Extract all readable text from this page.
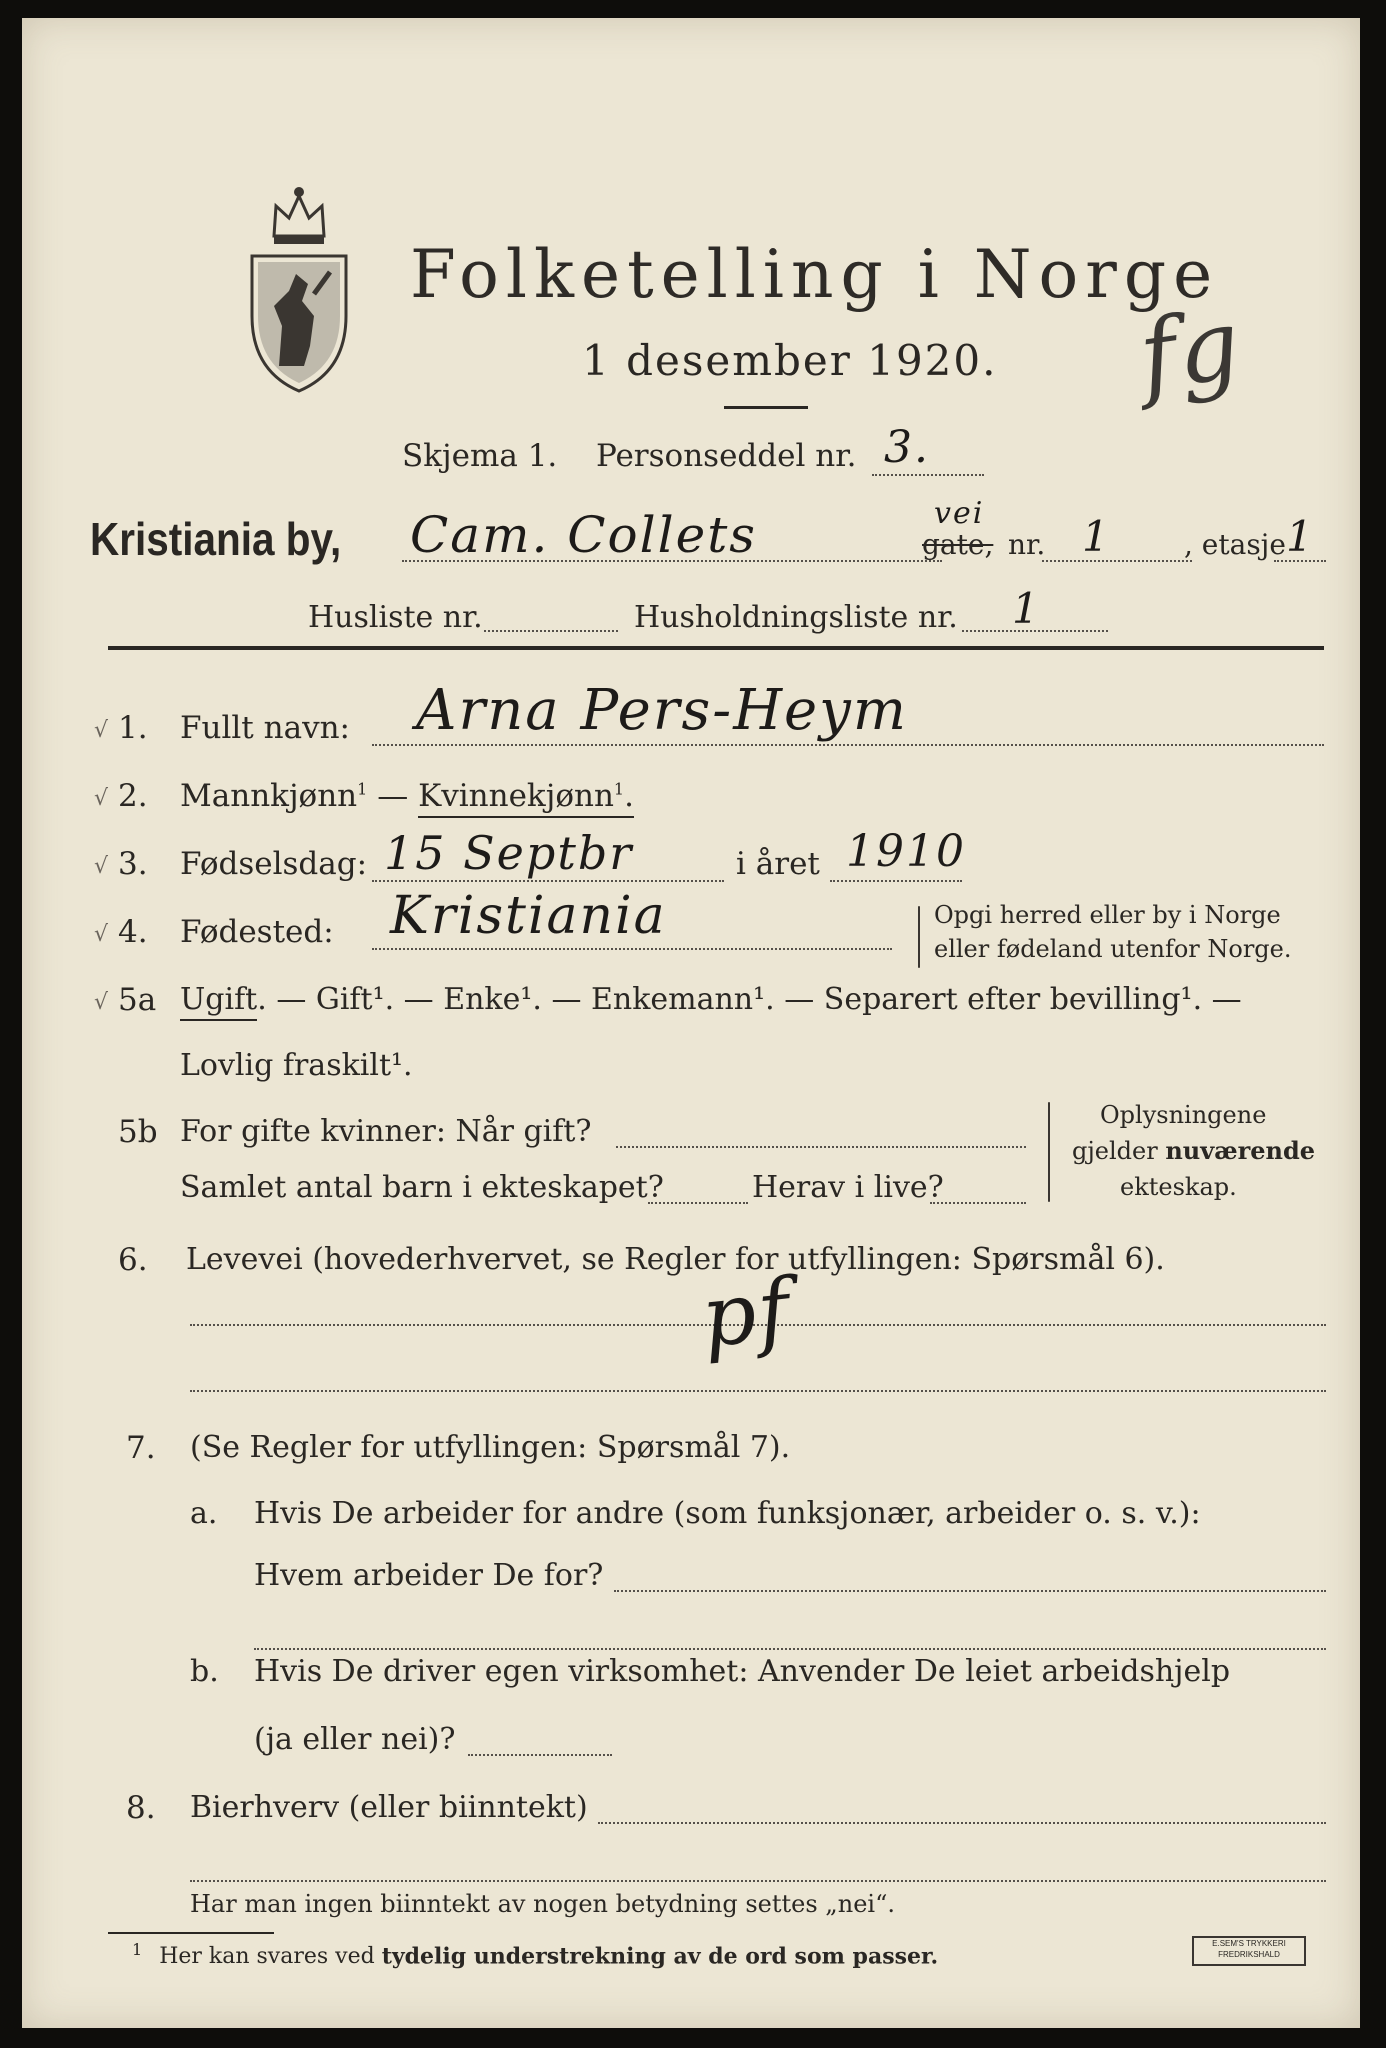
Folketelling i Norge
1 desember 1920. fg
Skjema 1. Personseddel nr. 3.
Kristiania by, Cam. Collets	gate,
vei
nr. 1	, etasje 1
Husliste nr.	Husholdningsliste nr. 1
√ 1. Fullt navn: Arna Pers-Heym
√ 2. Mannkjønn$^1$ — Kvinnekjønn$^1$.
√ 3. Fødselsdag: 15 Septbr	i året 1910
√ 4. Fødested: Kristiania	Opgi herred eller by i Norge
eller fødeland utenfor Norge.
√ 5a Ugift. — Gift¹. — Enke¹. — Enkemann¹. — Separert efter bevilling¹. —
Lovlig fraskilt¹.
5b For gifte kvinner: Når gift?
Samlet antal barn i ekteskapet?	Herav i live?
Oplysningene
gjelder nuværende
ekteskap.
6. Levevei (hovederhvervet, se Regler for utfyllingen: Spørsmål 6).
pf
7. (Se Regler for utfyllingen: Spørsmål 7).
a. Hvis De arbeider for andre (som funksjonær, arbeider o. s. v.):
Hvem arbeider De for?
b. Hvis De driver egen virksomhet: Anvender De leiet arbeidshjelp
(ja eller nei)?
8. Bierhverv (eller biinntekt)
Har man ingen biinntekt av nogen betydning settes „nei“.
$^1$ Her kan svares ved tydelig understrekning av de ord som passer.	E.SEM'S TRYKKERI
FREDRIKSHALD
